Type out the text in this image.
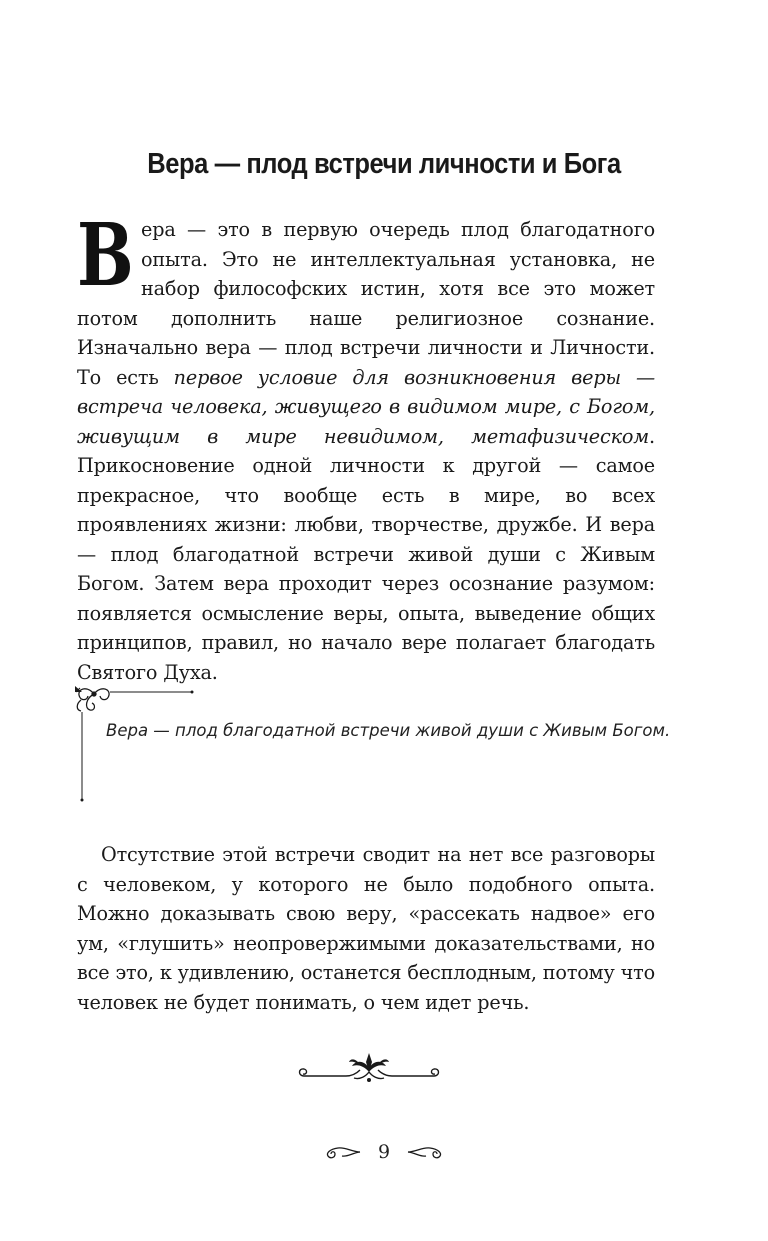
Вера — плод встречи личности и Бога
Вера — это в первую очередь плод благодатного опыта. Это не интеллектуальная установка, не набор философских истин, хотя все это может потом дополнить наше религиозное сознание. Изначально вера — плод встречи личности и Личности. То есть первое условие для возникновения веры — встреча человека, живущего в видимом мире, с Богом, живущим в мире невидимом, метафизическом. Прикосновение одной личности к другой — самое прекрасное, что вообще есть в мире, во всех проявлениях жизни: любви, творчестве, дружбе. И вера — плод благодатной встречи живой души с Живым Богом. Затем вера проходит через осознание разумом: появляется осмысление веры, опыта, выведение общих принципов, правил, но начало вере полагает благодать Святого Духа.
Вера — плод благодатной встречи живой души с Живым Богом.
Отсутствие этой встречи сводит на нет все разговоры с человеком, у которого не было подобного опыта. Можно доказывать свою веру, «рассекать надвое» его ум, «глушить» неопровержимыми доказательствами, но все это, к удивлению, останется бесплодным, потому что человек не будет понимать, о чем идет речь.
9
